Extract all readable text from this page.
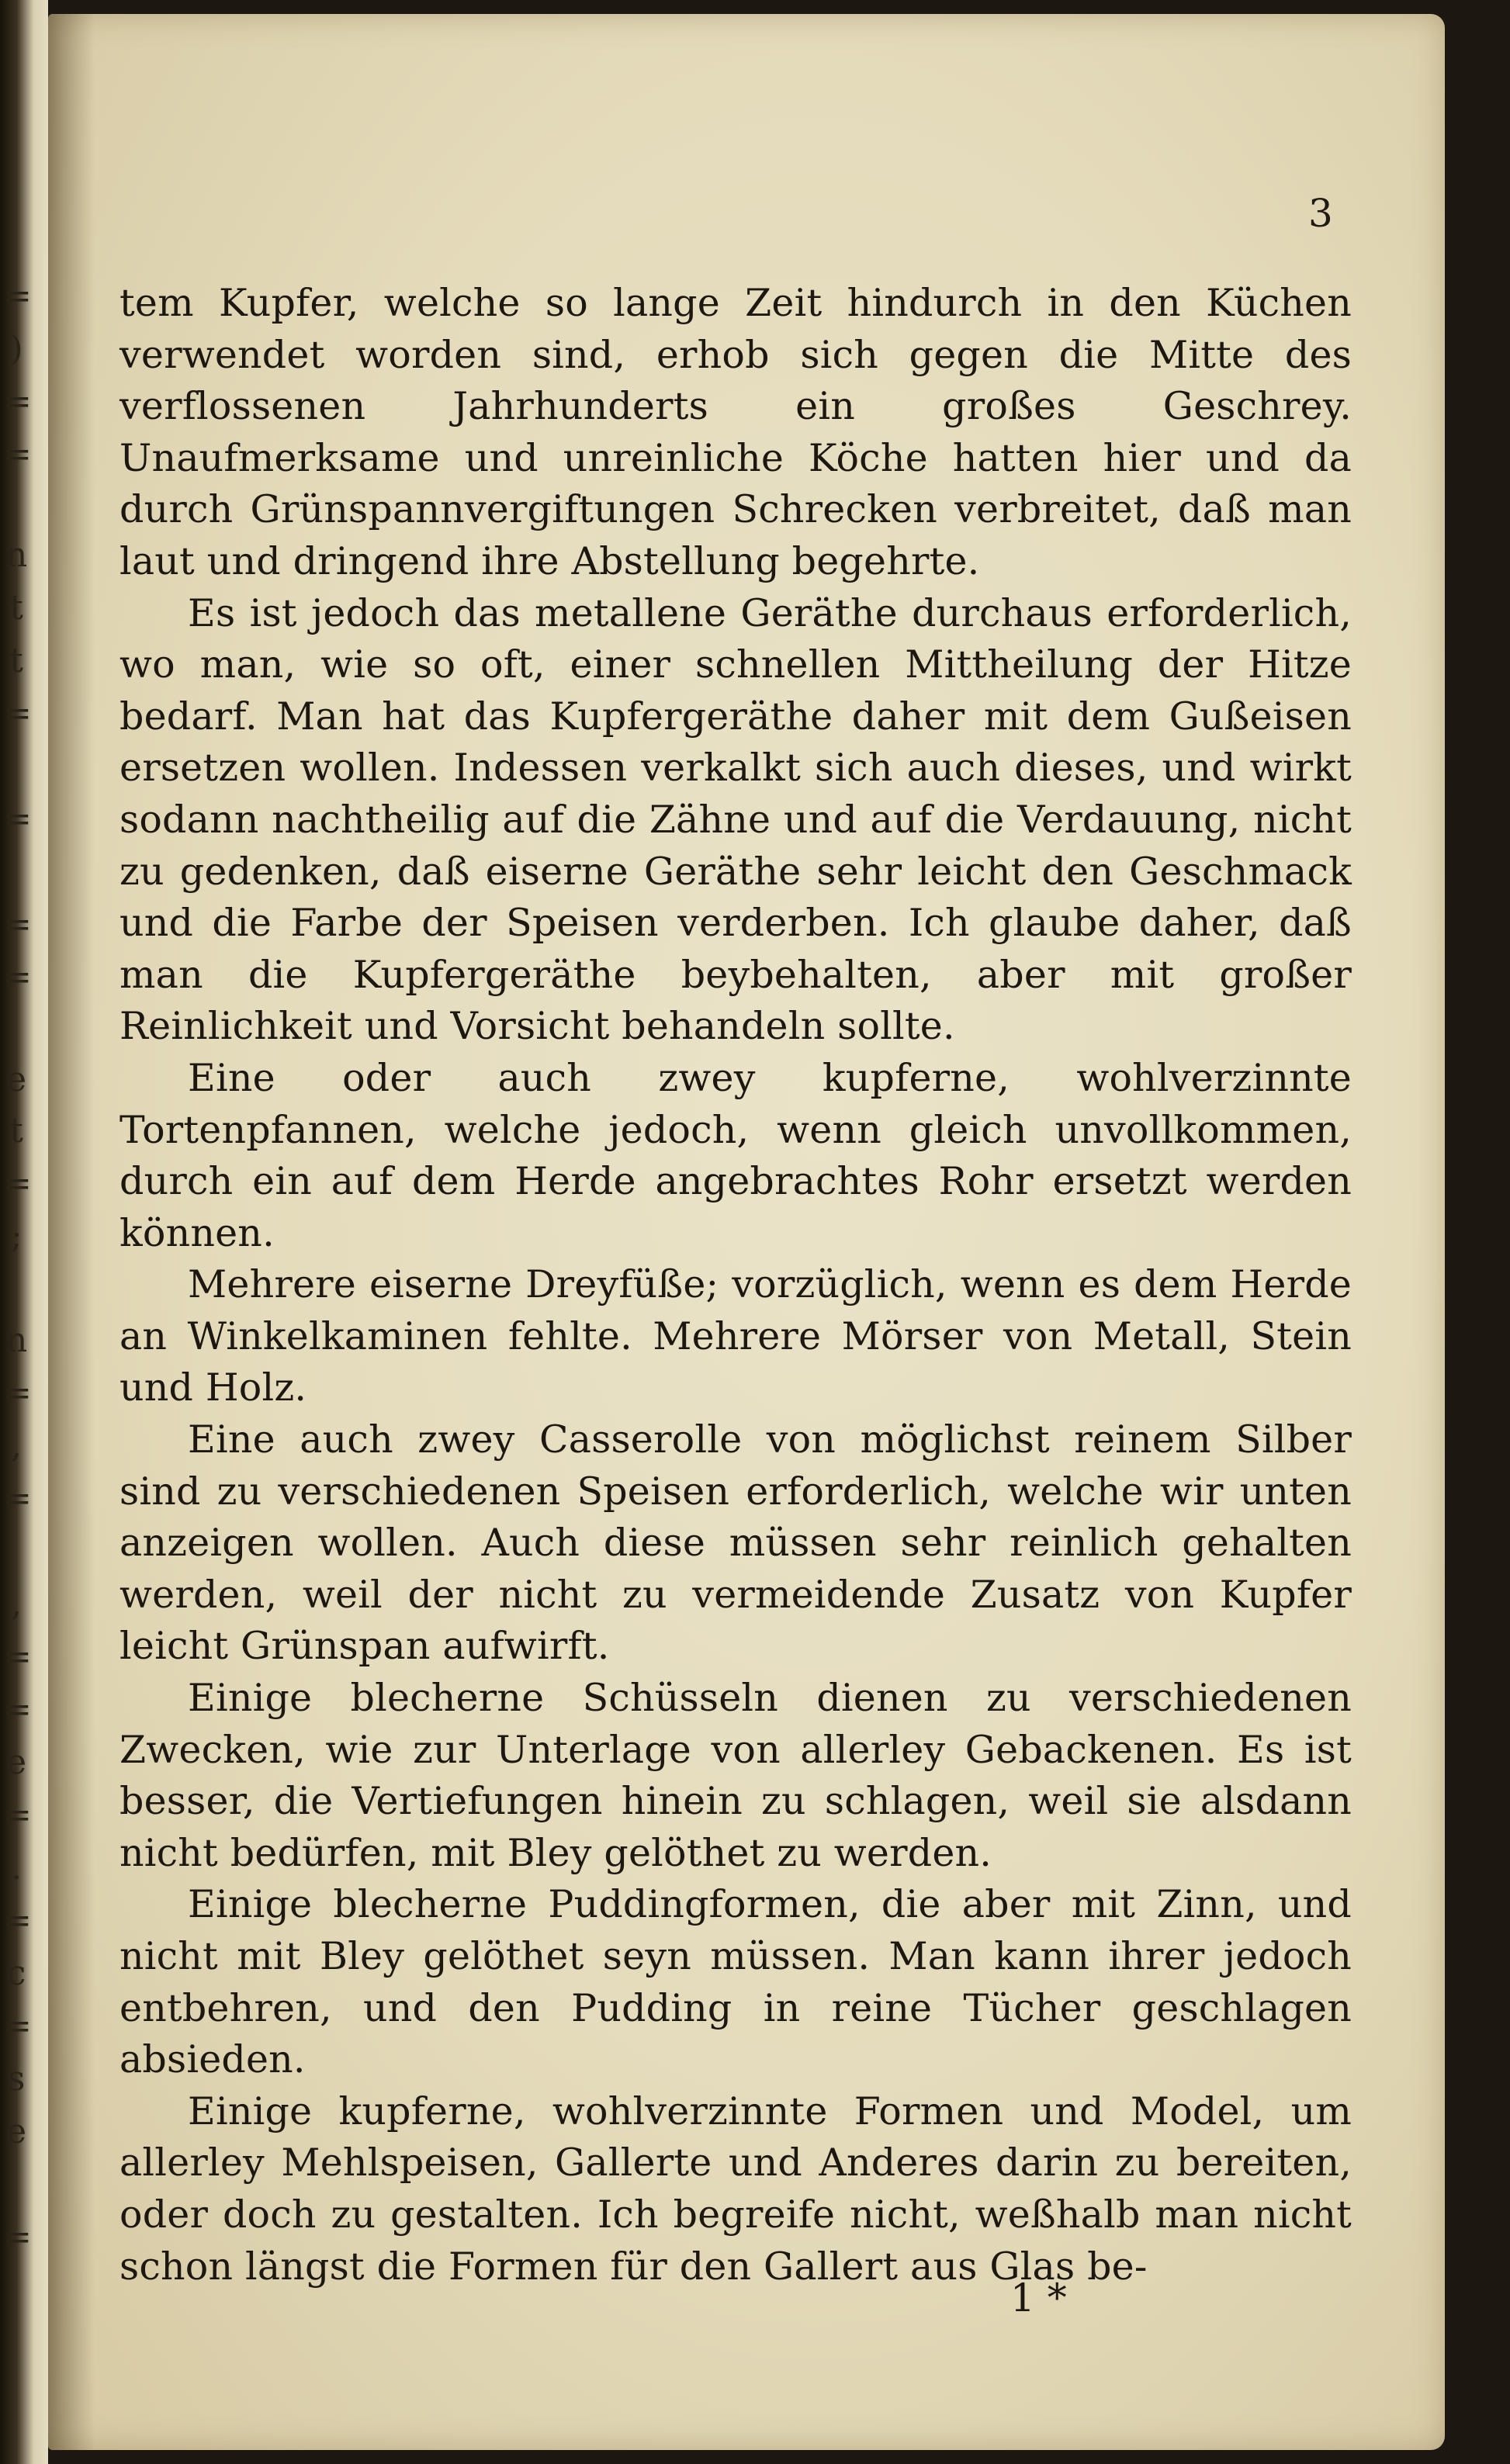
=
)
=
=
n
t
t
=
=
=
=
e
t
=
;
n
=
,
=
,
=
=
e
=
.
=
c
=
s
e
=
3

tem Kupfer, welche so lange Zeit hindurch in den Küchen verwendet worden sind, erhob sich gegen die Mitte des verflossenen Jahrhunderts ein großes Geschrey. Unaufmerksame und unreinliche Köche hatten hier und da durch Grünspannvergiftungen Schrecken verbreitet, daß man laut und dringend ihre Abstellung begehrte.

Es ist jedoch das metallene Geräthe durchaus erforderlich, wo man, wie so oft, einer schnellen Mittheilung der Hitze bedarf. Man hat das Kupfergeräthe daher mit dem Gußeisen ersetzen wollen. Indessen verkalkt sich auch dieses, und wirkt sodann nachtheilig auf die Zähne und auf die Verdauung, nicht zu gedenken, daß eiserne Geräthe sehr leicht den Geschmack und die Farbe der Speisen verderben. Ich glaube daher, daß man die Kupfergeräthe beybehalten, aber mit großer Reinlichkeit und Vorsicht behandeln sollte.

Eine oder auch zwey kupferne, wohlverzinnte Tortenpfannen, welche jedoch, wenn gleich unvollkommen, durch ein auf dem Herde angebrachtes Rohr ersetzt werden können.

Mehrere eiserne Dreyfüße; vorzüglich, wenn es dem Herde an Winkelkaminen fehlte. Mehrere Mörser von Metall, Stein und Holz.

Eine auch zwey Casserolle von möglichst reinem Silber sind zu verschiedenen Speisen erforderlich, welche wir unten anzeigen wollen. Auch diese müssen sehr reinlich gehalten werden, weil der nicht zu vermeidende Zusatz von Kupfer leicht Grünspan aufwirft.

Einige blecherne Schüsseln dienen zu verschiedenen Zwecken, wie zur Unterlage von allerley Gebackenen. Es ist besser, die Vertiefungen hinein zu schlagen, weil sie alsdann nicht bedürfen, mit Bley gelöthet zu werden.

Einige blecherne Puddingformen, die aber mit Zinn, und nicht mit Bley gelöthet seyn müssen. Man kann ihrer jedoch entbehren, und den Pudding in reine Tücher geschlagen absieden.

Einige kupferne, wohlverzinnte Formen und Model, um allerley Mehlspeisen, Gallerte und Anderes darin zu bereiten, oder doch zu gestalten. Ich begreife nicht, weßhalb man nicht schon längst die Formen für den Gallert aus Glas be-

1 *
